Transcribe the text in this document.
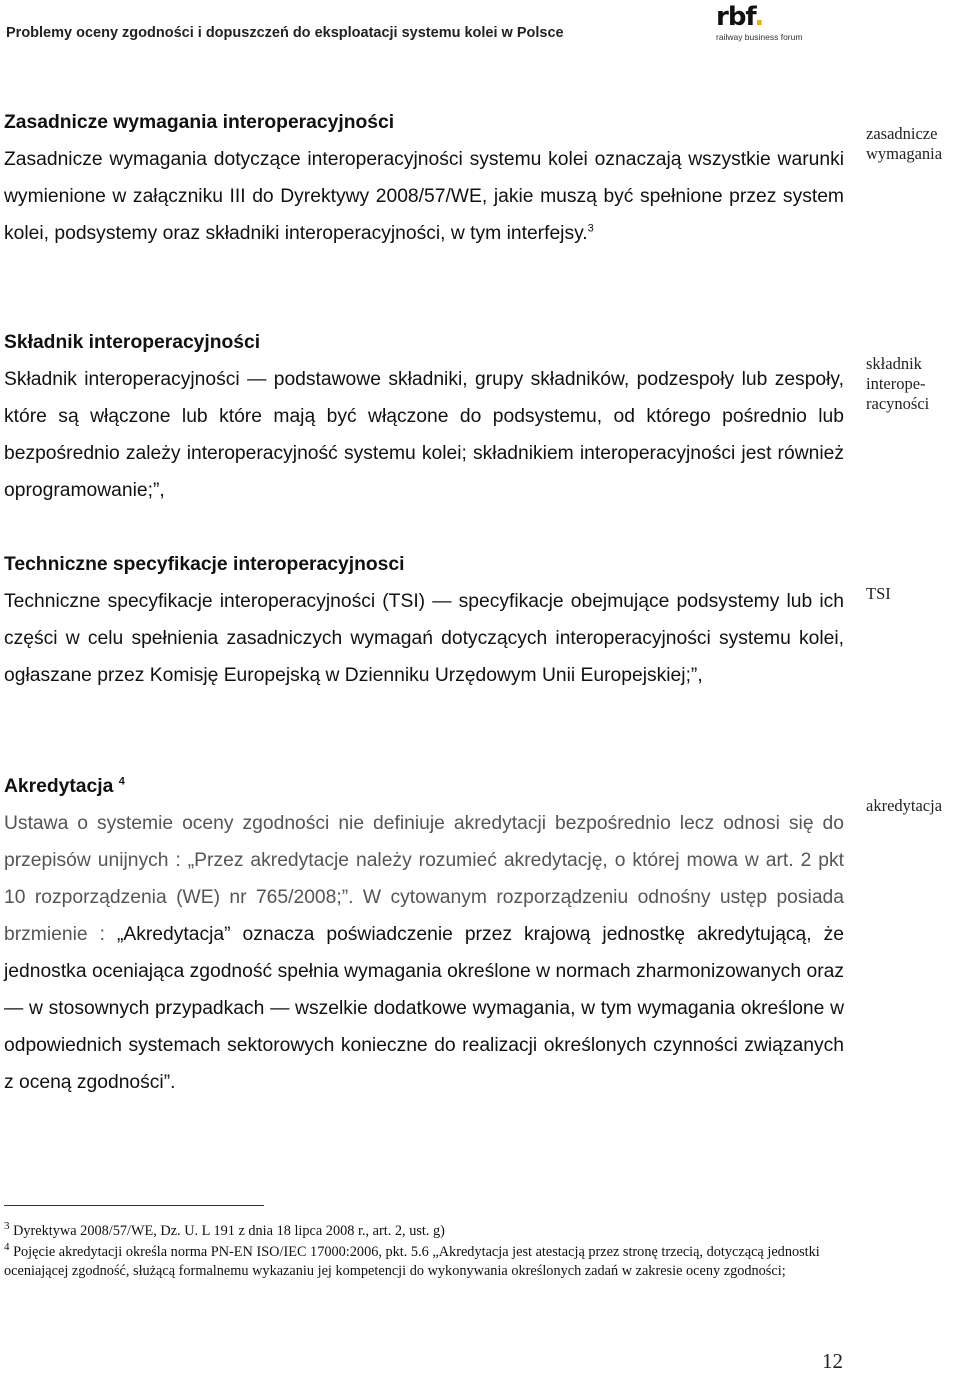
Problemy oceny zgodności i dopuszczeń do eksploatacji systemu kolei w Polsce
rbf.
railway business forum

Zasadnicze wymagania interoperacyjności

Zasadnicze wymagania dotyczące interoperacyjności systemu kolei oznaczają wszystkie warunki wymienione w załączniku III do Dyrektywy 2008/57/WE, jakie muszą być spełnione przez system kolei, podsystemy oraz składniki interoperacyjności, w tym interfejsy.$^3$

zasadnicze wymagania

Składnik interoperacyjności

Składnik interoperacyjności — podstawowe składniki, grupy składników, podzespoły lub zespoły, które są włączone lub które mają być włączone do podsystemu, od którego pośrednio lub bezpośrednio zależy interoperacyjność systemu kolei; składnikiem interoperacyjności jest również oprogramowanie;”,

składnik interope-racyności

Techniczne specyfikacje interoperacyjnosci

Techniczne specyfikacje interoperacyjności (TSI) — specyfikacje obejmujące podsystemy lub ich części w celu spełnienia zasadniczych wymagań dotyczących interoperacyjności systemu kolei, ogłaszane przez Komisję Europejską w Dzienniku Urzędowym Unii Europejskiej;”,

TSI

Akredytacja $^4$

Ustawa o systemie oceny zgodności nie definiuje akredytacji bezpośrednio lecz odnosi się do przepisów unijnych : „Przez akredytacje należy rozumieć akredytację, o której mowa w art. 2 pkt 10 rozporządzenia (WE) nr 765/2008;”. W cytowanym rozporządzeniu odnośny ustęp posiada brzmienie : „Akredytacja” oznacza poświadczenie przez krajową jednostkę akredytującą, że jednostka oceniająca zgodność spełnia wymagania określone w normach zharmonizowanych oraz — w stosownych przypadkach — wszelkie dodatkowe wymagania, w tym wymagania określone w odpowiednich systemach sektorowych konieczne do realizacji określonych czynności związanych z oceną zgodności”.

akredytacja

$^3$ Dyrektywa 2008/57/WE, Dz. U. L 191 z dnia 18 lipca 2008 r., art. 2, ust. g)

$^4$ Pojęcie akredytacji określa norma PN-EN ISO/IEC 17000:2006, pkt. 5.6 „Akredytacja jest atestacją przez stronę trzecią, dotyczącą jednostki oceniającej zgodność, służącą formalnemu wykazaniu jej kompetencji do wykonywania określonych zadań w zakresie oceny zgodności;

12
